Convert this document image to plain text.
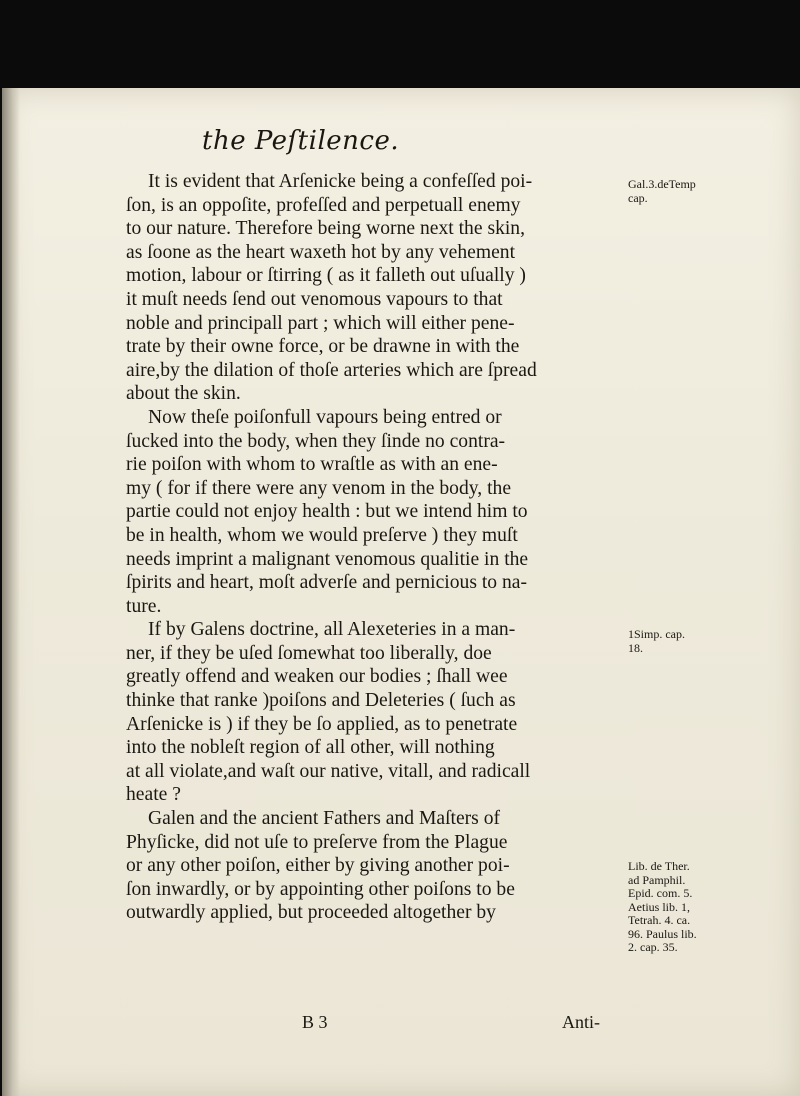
the Peſtilence.
It is evident that Arſenicke being a confeſſed poi-
ſon, is an oppoſite, profeſſed and perpetuall enemy
to our nature. Therefore being worne next the skin,
as ſoone as the heart waxeth hot by any vehement
motion, labour or ſtirring ( as it falleth out uſually )
it muſt needs ſend out venomous vapours to that
noble and principall part ; which will either pene-
trate by their owne force, or be drawne in with the
aire,by the dilation of thoſe arteries which are ſpread
about the skin.
Now theſe poiſonfull vapours being entred or
ſucked into the body, when they ſinde no contra-
rie poiſon with whom to wraſtle as with an ene-
my ( for if there were any venom in the body, the
partie could not enjoy health : but we intend him to
be in health, whom we would preſerve ) they muſt
needs imprint a malignant venomous qualitie in the
ſpirits and heart, moſt adverſe and pernicious to na-
ture.
If by Galens doctrine, all Alexeteries in a man-
ner, if they be uſed ſomewhat too liberally, doe
greatly offend and weaken our bodies ; ſhall wee
thinke that ranke )poiſons and Deleteries ( ſuch as
Arſenicke is ) if they be ſo applied, as to penetrate
into the nobleſt region of all other, will nothing
at all violate,and waſt our native, vitall, and radicall
heate ?
Galen and the ancient Fathers and Maſters of
Phyſicke, did not uſe to preſerve from the Plague
or any other poiſon, either by giving another poi-
ſon inwardly, or by appointing other poiſons to be
outwardly applied, but proceeded altogether by
Gal.3.deTemp
cap.
1Simp. cap.
18.
Lib. de Ther.
ad Pamphil.
Epid. com. 5.
Aetius lib. 1,
Tetrah. 4. ca.
96. Paulus lib.
2. cap. 35.
B 3	Anti-
